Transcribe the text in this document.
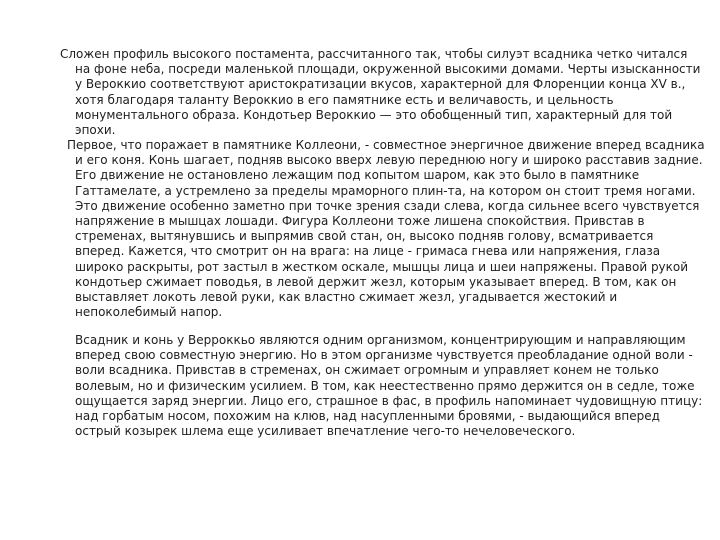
Сложен профиль высокого постамента, рассчитанного так, чтобы силуэт всадника четко читался на фоне неба, посреди маленькой площади, окруженной высокими домами. Черты изысканности у Вероккио соответствуют аристократизации вкусов, характерной для Флоренции конца XV в., хотя благодаря таланту Вероккио в его памятнике есть и величавость, и цельность монументального образа. Кондотьер Вероккио — это обобщенный тип, характерный для той эпохи.

Первое, что поражает в памятнике Коллеони, - совместное энергичное движение вперед всадника и его коня. Конь шагает, подняв высоко вверх левую переднюю ногу и широко расставив задние. Его движение не остановлено лежащим под копытом шаром, как это было в памятнике Гаттамелате, а устремлено за пределы мраморного плин-та, на котором он стоит тремя ногами. Это движение особенно заметно при точке зрения сзади слева, когда сильнее всего чувствуется напряжение в мышцах лошади. Фигура Коллеони тоже лишена спокойствия. Привстав в стременах, вытянувшись и выпрямив свой стан, он, высоко подняв голову, всматривается вперед. Кажется, что смотрит он на врага: на лице - гримаса гнева или напряжения, глаза широко раскрыты, рот застыл в жестком оскале, мышцы лица и шеи напряжены. Правой рукой кондотьер сжимает поводья, в левой держит жезл, которым указывает вперед. В том, как он выставляет локоть левой руки, как властно сжимает жезл, угадывается жестокий и непоколебимый напор.

Всадник и конь у Верроккьо являются одним организмом, концентрирующим и направляющим вперед свою совместную энергию. Но в этом организме чувствуется преобладание одной воли - воли всадника. Привстав в стременах, он сжимает огромным и управляет конем не только волевым, но и физическим усилием. В том, как неестественно прямо держится он в седле, тоже ощущается заряд энергии. Лицо его, страшное в фас, в профиль напоминает чудовищную птицу: над горбатым носом, похожим на клюв, над насупленными бровями, - выдающийся вперед острый козырек шлема еще усиливает впечатление чего-то нечеловеческого.
